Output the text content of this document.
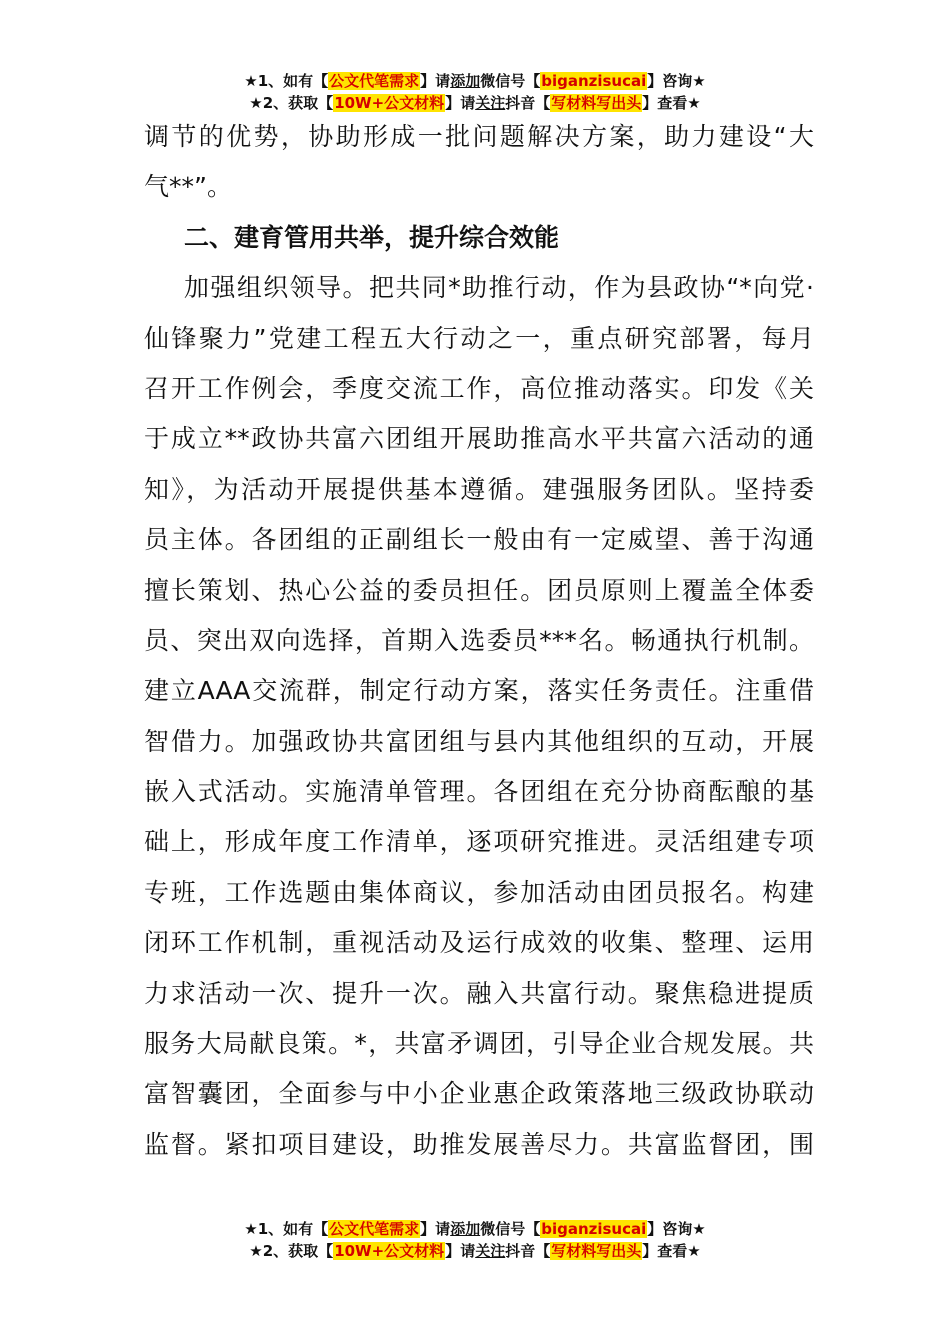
★1、如有【公文代笔需求】请添加微信号【biganzisucai】咨询★
★2、获取【10W+公文材料】请关注抖音【写材料写出头】查看★
调节的优势，协助形成一批问题解决方案，助力建设“大
气**”。
二、建育管用共举，提升综合效能
加强组织领导。把共同*助推行动，作为县政协“*向党·
仙锋聚力”党建工程五大行动之一，重点研究部署，每月
召开工作例会，季度交流工作，高位推动落实。印发《关
于成立**政协共富六团组开展助推高水平共富六活动的通
知》，为活动开展提供基本遵循。建强服务团队。坚持委
员主体。各团组的正副组长一般由有一定威望、善于沟通
擅长策划、热心公益的委员担任。团员原则上覆盖全体委
员、突出双向选择，首期入选委员***名。畅通执行机制。
建立AAA交流群，制定行动方案，落实任务责任。注重借
智借力。加强政协共富团组与县内其他组织的互动，开展
嵌入式活动。实施清单管理。各团组在充分协商酝酿的基
础上，形成年度工作清单，逐项研究推进。灵活组建专项
专班，工作选题由集体商议，参加活动由团员报名。构建
闭环工作机制，重视活动及运行成效的收集、整理、运用
力求活动一次、提升一次。融入共富行动。聚焦稳进提质
服务大局献良策。*，共富矛调团，引导企业合规发展。共
富智囊团，全面参与中小企业惠企政策落地三级政协联动
监督。紧扣项目建设，助推发展善尽力。共富监督团，围
★1、如有【公文代笔需求】请添加微信号【biganzisucai】咨询★
★2、获取【10W+公文材料】请关注抖音【写材料写出头】查看★
